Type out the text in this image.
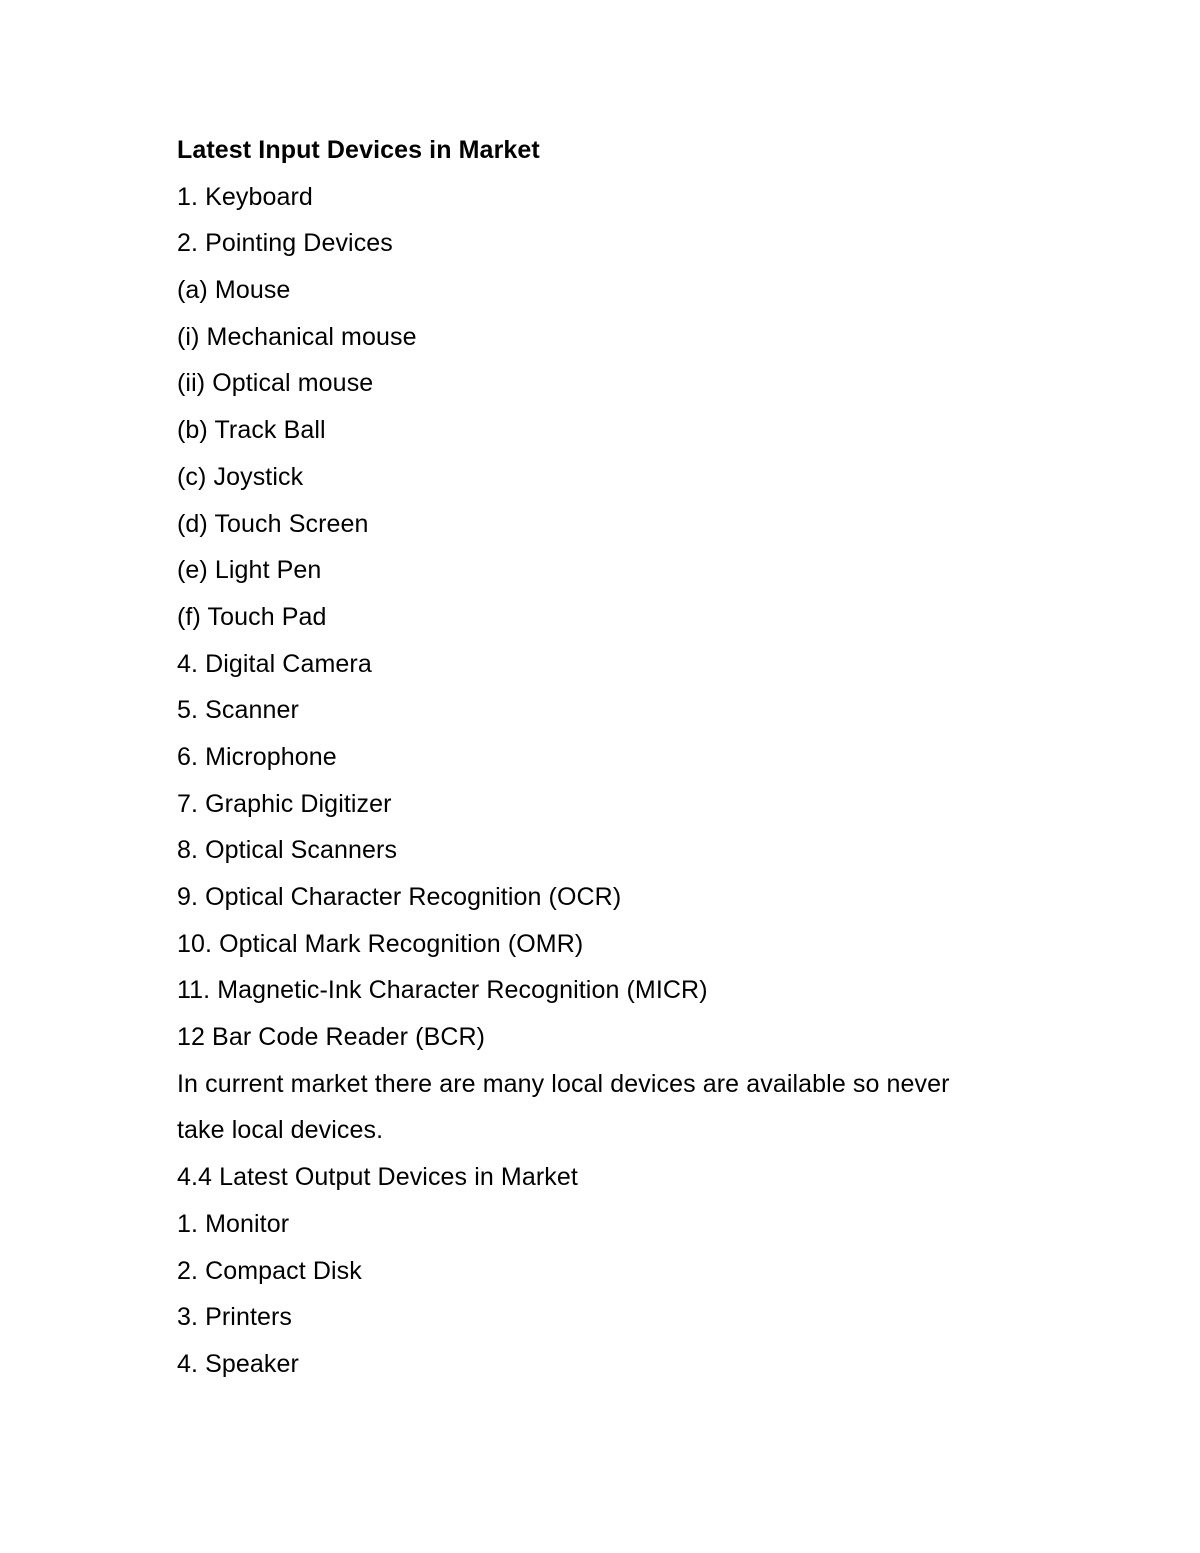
Latest Input Devices in Market
1. Keyboard
2. Pointing Devices
(a) Mouse
(i) Mechanical mouse
(ii) Optical mouse
(b) Track Ball
(c) Joystick
(d) Touch Screen
(e) Light Pen
(f) Touch Pad
4. Digital Camera
5. Scanner
6. Microphone
7. Graphic Digitizer
8. Optical Scanners
9. Optical Character Recognition (OCR)
10. Optical Mark Recognition (OMR)
11. Magnetic-Ink Character Recognition (MICR)
12 Bar Code Reader (BCR)
In current market there are many local devices are available so never
take local devices.
4.4 Latest Output Devices in Market
1. Monitor
2. Compact Disk
3. Printers
4. Speaker
